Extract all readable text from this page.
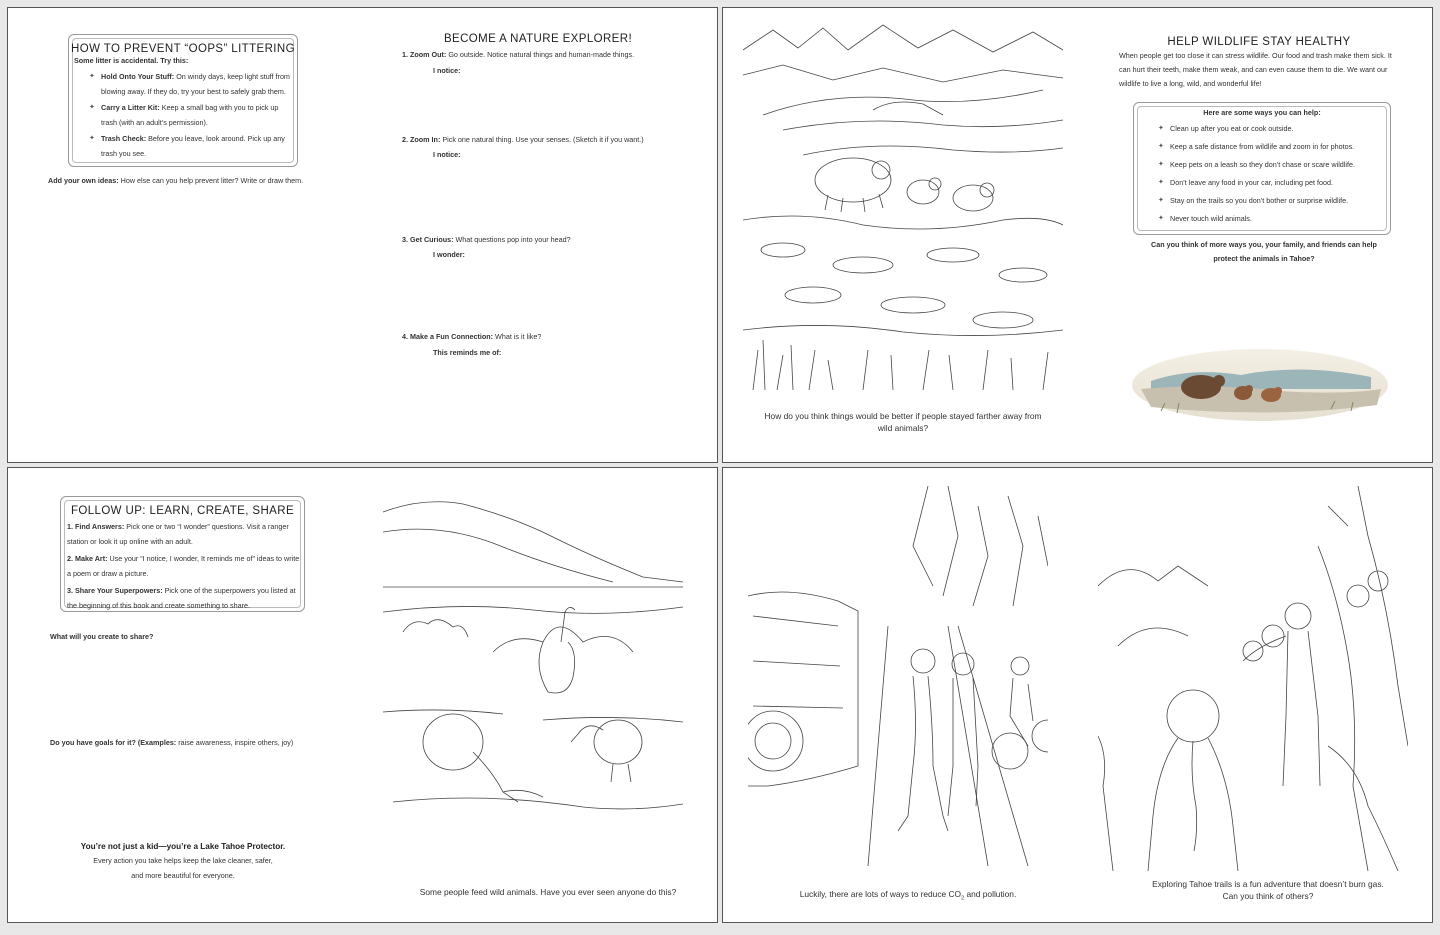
HOW TO PREVENT “OOPS” LITTERING
Some litter is accidental. Try this:
✦ Hold Onto Your Stuff: On windy days, keep light stuff from blowing away. If they do, try your best to safely grab them.
✦ Carry a Litter Kit: Keep a small bag with you to pick up trash (with an adult’s permission).
✦ Trash Check: Before you leave, look around. Pick up any trash you see.
Add your own ideas: How else can you help prevent litter? Write or draw them.
BECOME A NATURE EXPLORER!
1. Zoom Out: Go outside. Notice natural things and human-made things.
I notice:
2. Zoom In: Pick one natural thing. Use your senses. (Sketch it if you want.)
I notice:
3. Get Curious: What questions pop into your head?
I wonder:
4. Make a Fun Connection: What is it like?
This reminds me of:
How do you think things would be better if people stayed farther away from wild animals?
HELP WILDLIFE STAY HEALTHY
When people get too close it can stress wildlife. Our food and trash make them sick. It can hurt their teeth, make them weak, and can even cause them to die. We want our wildlife to live a long, wild, and wonderful life!
Here are some ways you can help:
✦ Clean up after you eat or cook outside.
✦ Keep a safe distance from wildlife and zoom in for photos.
✦ Keep pets on a leash so they don’t chase or scare wildlife.
✦ Don’t leave any food in your car, including pet food.
✦ Stay on the trails so you don’t bother or surprise wildlife.
✦ Never touch wild animals.
Can you think of more ways you, your family, and friends can help protect the animals in Tahoe?
FOLLOW UP: LEARN, CREATE, SHARE
1. Find Answers: Pick one or two “I wonder” questions. Visit a ranger station or look it up online with an adult.
2. Make Art: Use your “I notice, I wonder, It reminds me of” ideas to write a poem or draw a picture.
3. Share Your Superpowers: Pick one of the superpowers you listed at the beginning of this book and create something to share.
What will you create to share?
Do you have goals for it? (Examples: raise awareness, inspire others, joy)
You’re not just a kid—you’re a Lake Tahoe Protector.
Every action you take helps keep the lake cleaner, safer,
and more beautiful for everyone.
Some people feed wild animals. Have you ever seen anyone do this?	Luckily, there are lots of ways to reduce $CO_2$ and pollution.
Exploring Tahoe trails is a fun adventure that doesn’t burn gas.
Can you think of others?
